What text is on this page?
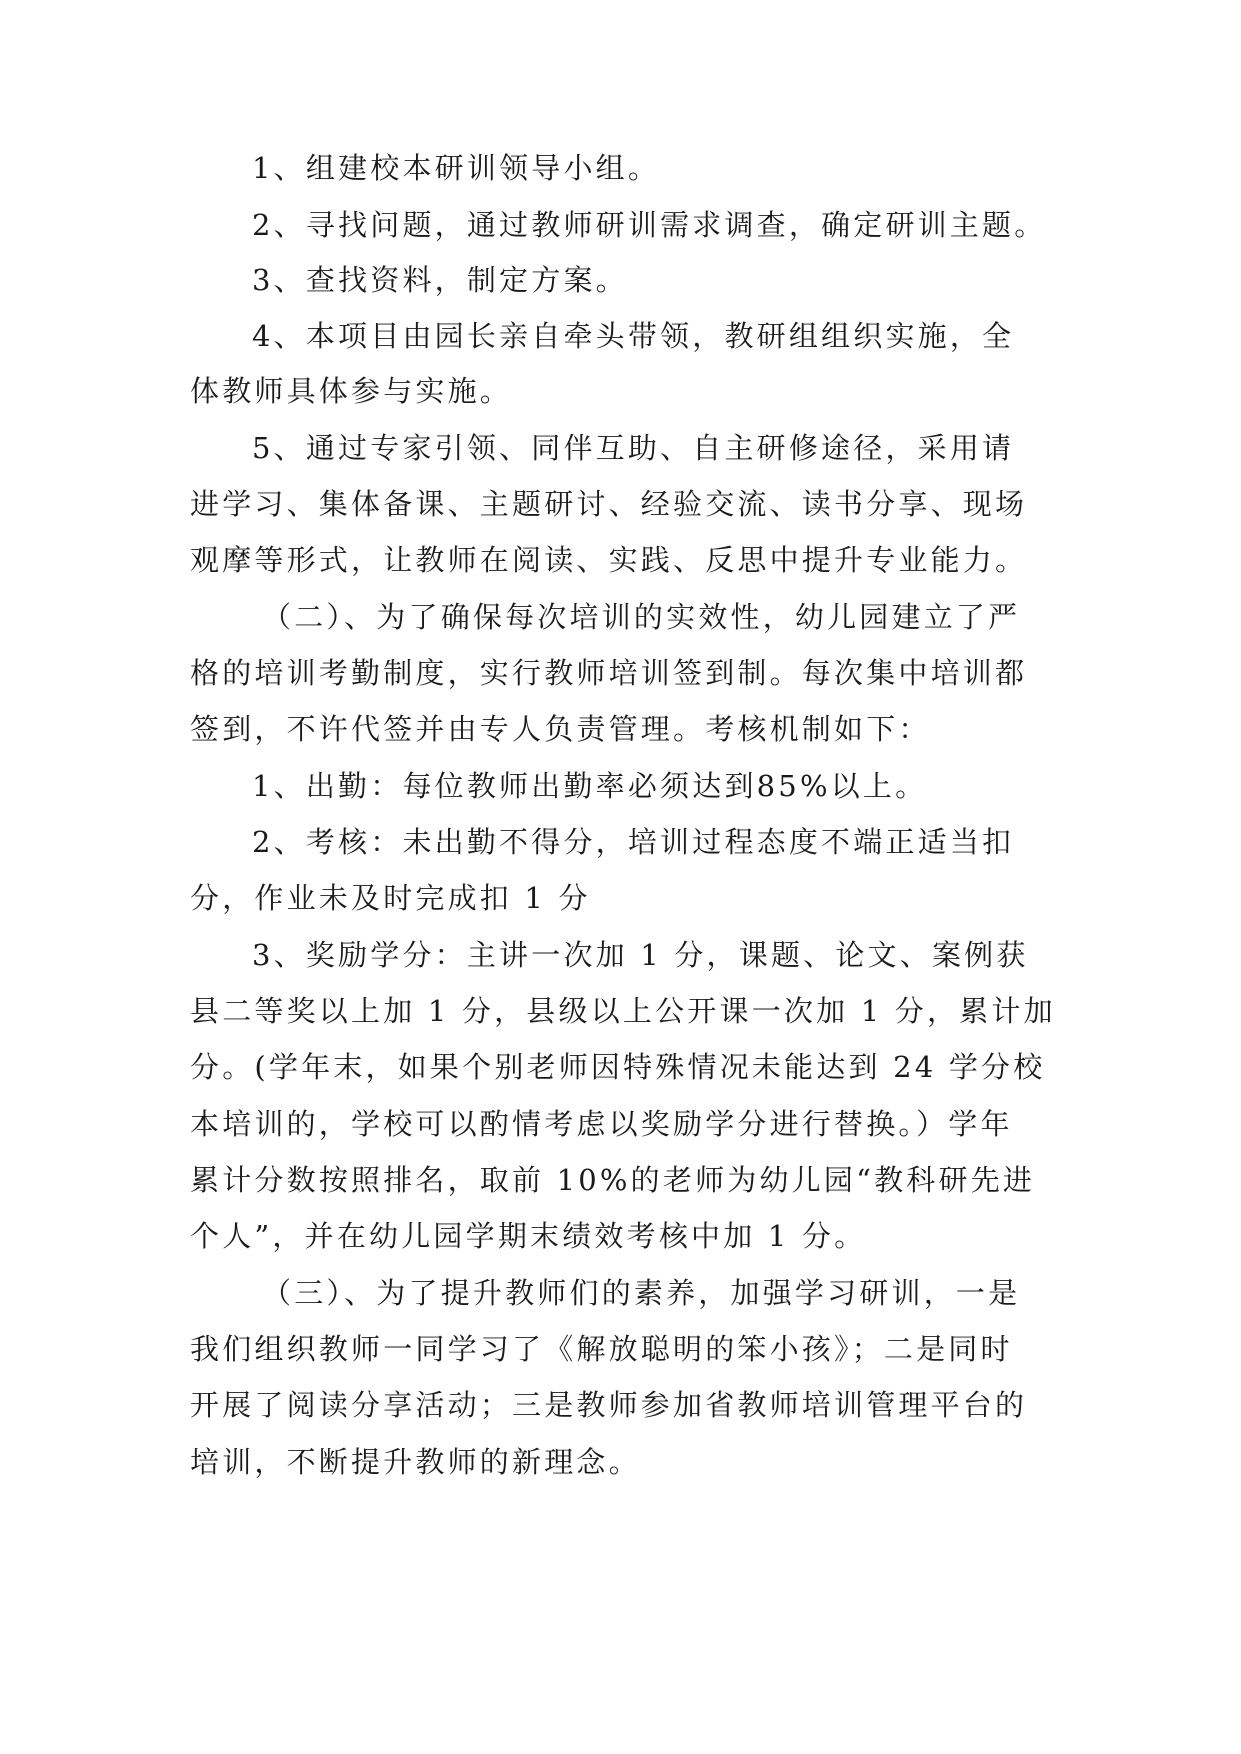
1、组建校本研训领导小组。
2、寻找问题，通过教师研训需求调查，确定研训主题。
3、查找资料，制定方案。
4、本项目由园长亲自牵头带领，教研组组织实施，全
体教师具体参与实施。
5、通过专家引领、同伴互助、自主研修途径，采用请
进学习、集体备课、主题研讨、经验交流、读书分享、现场
观摩等形式，让教师在阅读、实践、反思中提升专业能力。
（二）、为了确保每次培训的实效性，幼儿园建立了严
格的培训考勤制度，实行教师培训签到制。每次集中培训都
签到，不许代签并由专人负责管理。考核机制如下：
1、出勤：每位教师出勤率必须达到85%以上。
2、考核：未出勤不得分，培训过程态度不端正适当扣
分，作业未及时完成扣 1 分
3、奖励学分：主讲一次加 1 分，课题、论文、案例获
县二等奖以上加 1 分，县级以上公开课一次加 1 分，累计加
分。(学年末，如果个别老师因特殊情况未能达到 24 学分校
本培训的，学校可以酌情考虑以奖励学分进行替换。）学年
累计分数按照排名，取前 10%的老师为幼儿园“教科研先进
个人”，并在幼儿园学期末绩效考核中加 1 分。
（三）、为了提升教师们的素养，加强学习研训，一是
我们组织教师一同学习了《解放聪明的笨小孩》；二是同时
开展了阅读分享活动；三是教师参加省教师培训管理平台的
培训，不断提升教师的新理念。
